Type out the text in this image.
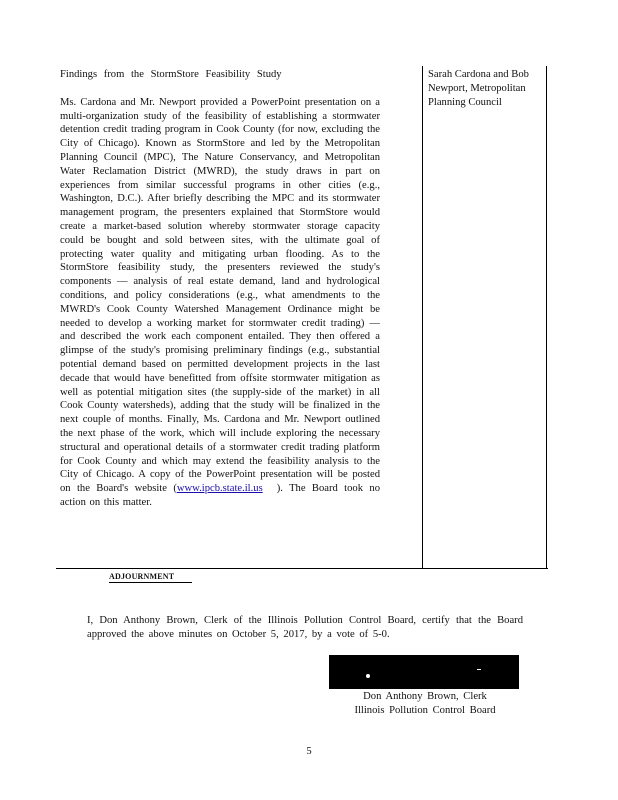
Findings from the StormStore Feasibility Study

Ms. Cardona and Mr. Newport provided a PowerPoint presentation on a multi-organization study of the feasibility of establishing a stormwater detention credit trading program in Cook County (for now, excluding the City of Chicago). Known as StormStore and led by the Metropolitan Planning Council (MPC), The Nature Conservancy, and Metropolitan Water Reclamation District (MWRD), the study draws in part on experiences from similar successful programs in other cities (e.g., Washington, D.C.). After briefly describing the MPC and its stormwater management program, the presenters explained that StormStore would create a market-based solution whereby stormwater storage capacity could be bought and sold between sites, with the ultimate goal of protecting water quality and mitigating urban flooding. As to the StormStore feasibility study, the presenters reviewed the study's components — analysis of real estate demand, land and hydrological conditions, and policy considerations (e.g., what amendments to the MWRD's Cook County Watershed Management Ordinance might be needed to develop a working market for stormwater credit trading) — and described the work each component entailed. They then offered a glimpse of the study's promising preliminary findings (e.g., substantial potential demand based on permitted development projects in the last decade that would have benefitted from offsite stormwater mitigation as well as potential mitigation sites (the supply-side of the market) in all Cook County watersheds), adding that the study will be finalized in the next couple of months. Finally, Ms. Cardona and Mr. Newport outlined the next phase of the work, which will include exploring the necessary structural and operational details of a stormwater credit trading platform for Cook County and which may extend the feasibility analysis to the City of Chicago. A copy of the PowerPoint presentation will be posted on the Board's website (www.ipcb.state.il.us ). The Board took no action on this matter.

Sarah Cardona and Bob Newport, Metropolitan Planning Council
ADJOURNMENT
I, Don Anthony Brown, Clerk of the Illinois Pollution Control Board, certify that the Board approved the above minutes on October 5, 2017, by a vote of 5-0.
Don Anthony Brown, Clerk
Illinois Pollution Control Board
5
